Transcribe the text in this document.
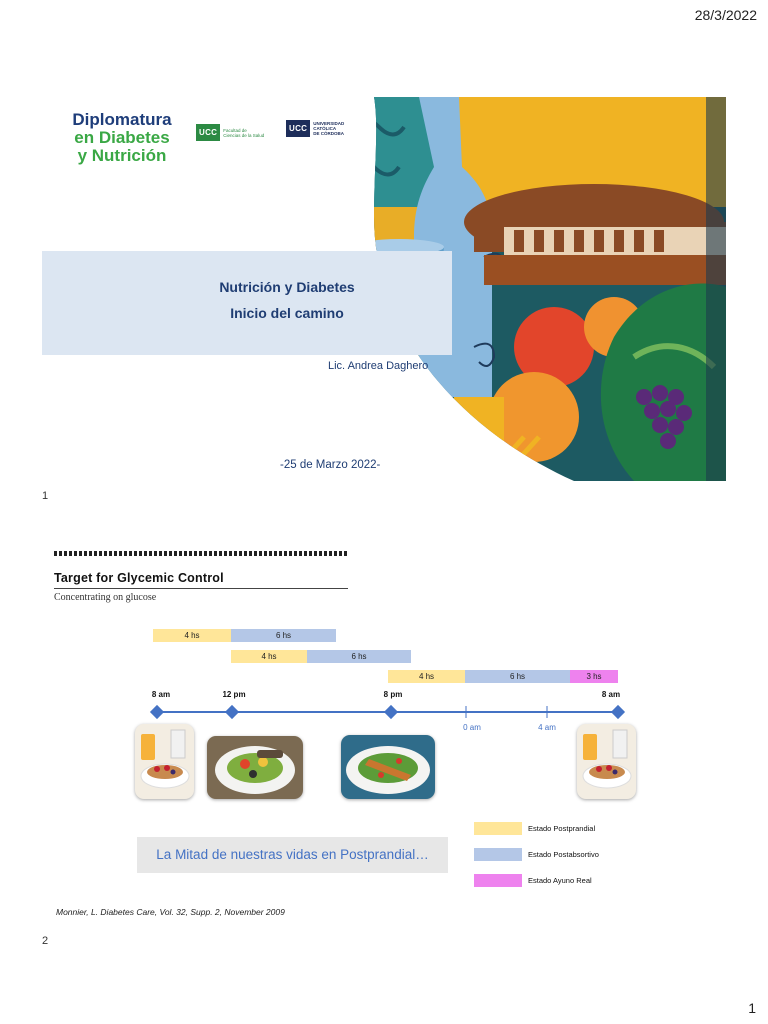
28/3/2022
Diplomatura
en Diabetes
y Nutrición
UCC	Facultad de
Ciencias de la Salud
UCC
UNIVERSIDAD
CATÓLICA
DE CÓRDOBA
Nutrición y Diabetes
Inicio del camino
Lic. Andrea Daghero
-25 de Marzo 2022-
1
Target for Glycemic Control
Concentrating on glucose
4 hs	6 hs
4 hs	6 hs
4 hs	6 hs	3 hs
8 am	12 pm	8 pm	8 am
0 am	4 am
La Mitad de nuestras vidas en Postprandial…
Estado Postprandial
Estado Postabsortivo
Estado Ayuno Real
Monnier, L. Diabetes Care, Vol. 32, Supp. 2, November 2009
2
1
